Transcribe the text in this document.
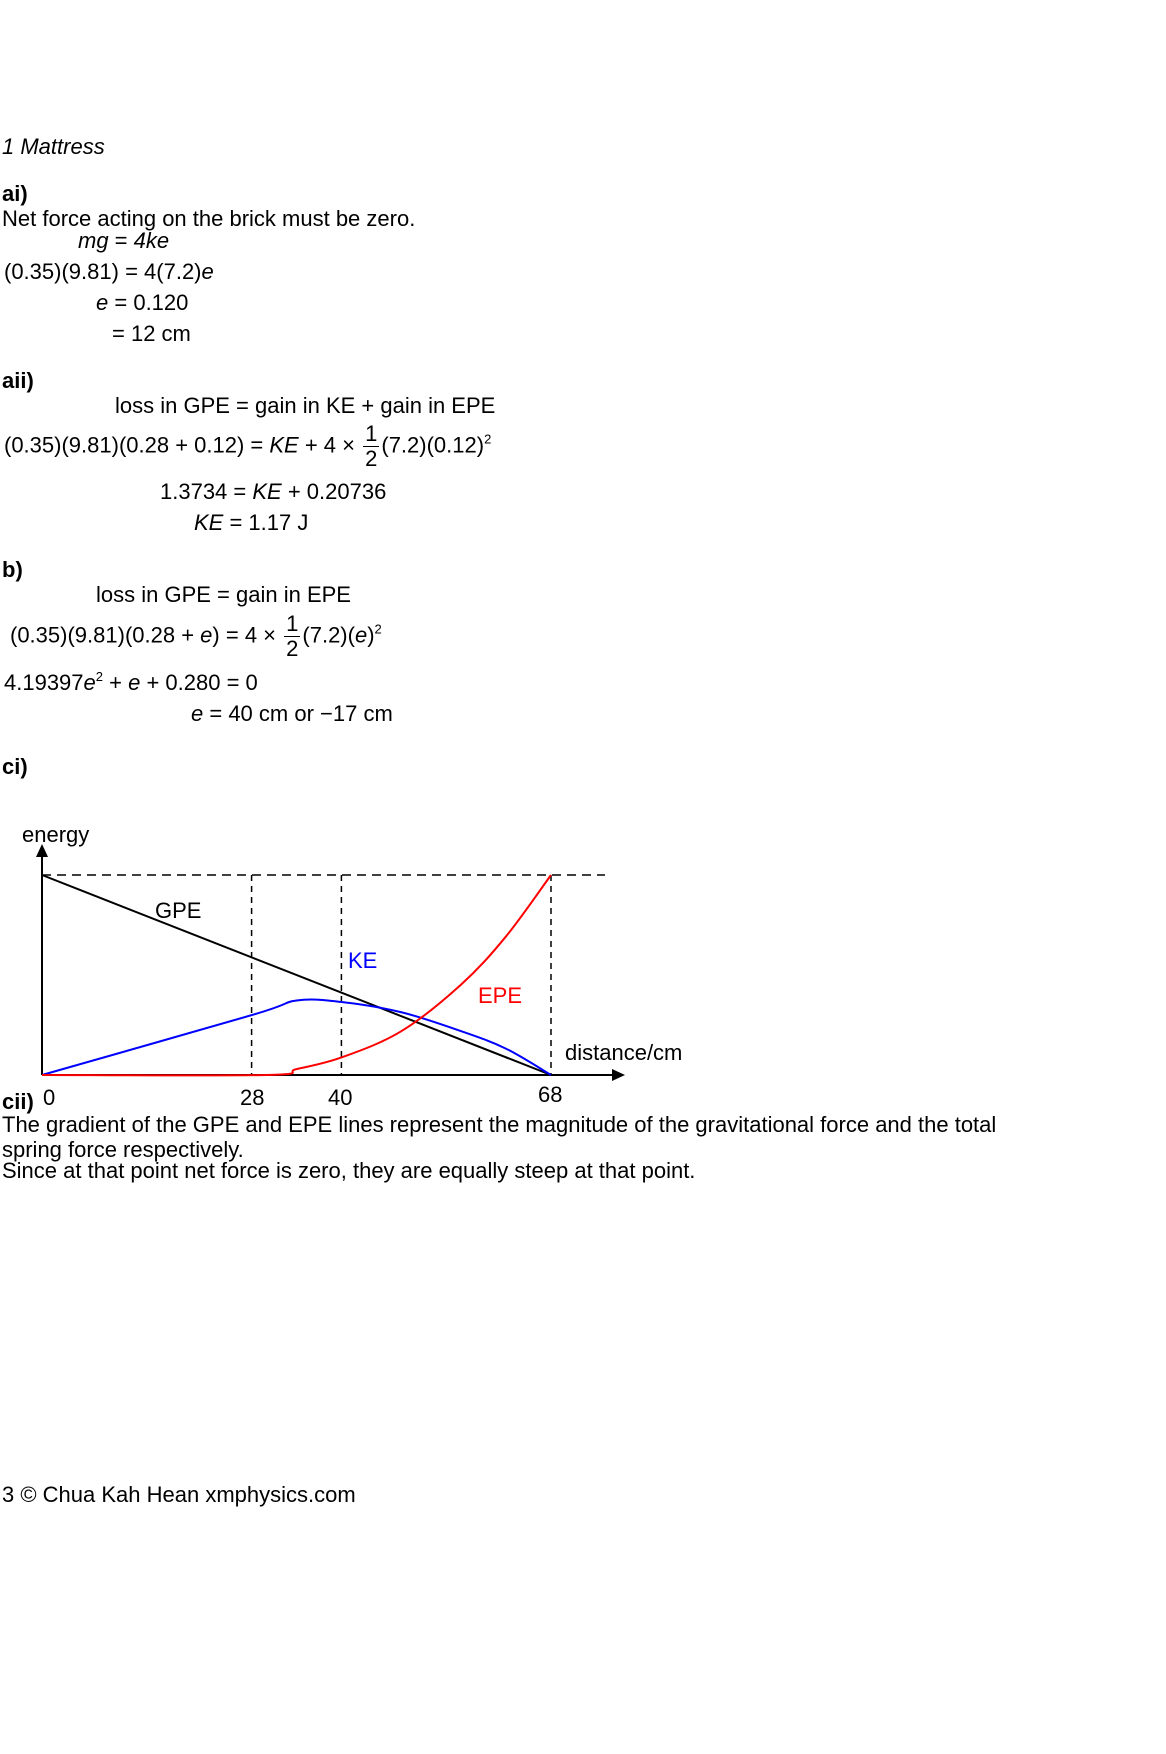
1 Mattress
ai)
Net force acting on the brick must be zero.
mg = 4ke
(0.35)(9.81) = 4(7.2)e
e = 0.120
= 12 cm
aii)
loss in GPE = gain in KE + gain in EPE
(0.35)(9.81)(0.28 + 0.12) = KE + $4 \times \frac{1}{2} (7.2)(0.12)^2$
1.3734 = KE + 0.20736
KE = 1.17 J
b)
loss in GPE = gain in EPE
$(0.35)(9.81)(0.28 + e) = 4 \times \frac{1}{2} (7.2)(e)^2$
$4.19397e^2 + e + 0.280 = 0$
e = 40 cm or −17 cm
ci)
energy
distance/cm
0	28	40	68
GPE
KE
EPE
cii)
The gradient of the GPE and EPE lines represent the magnitude of the gravitational force and the total spring force respectively.
Since at that point net force is zero, they are equally steep at that point.
3 © Chua Kah Hean xmphysics.com
